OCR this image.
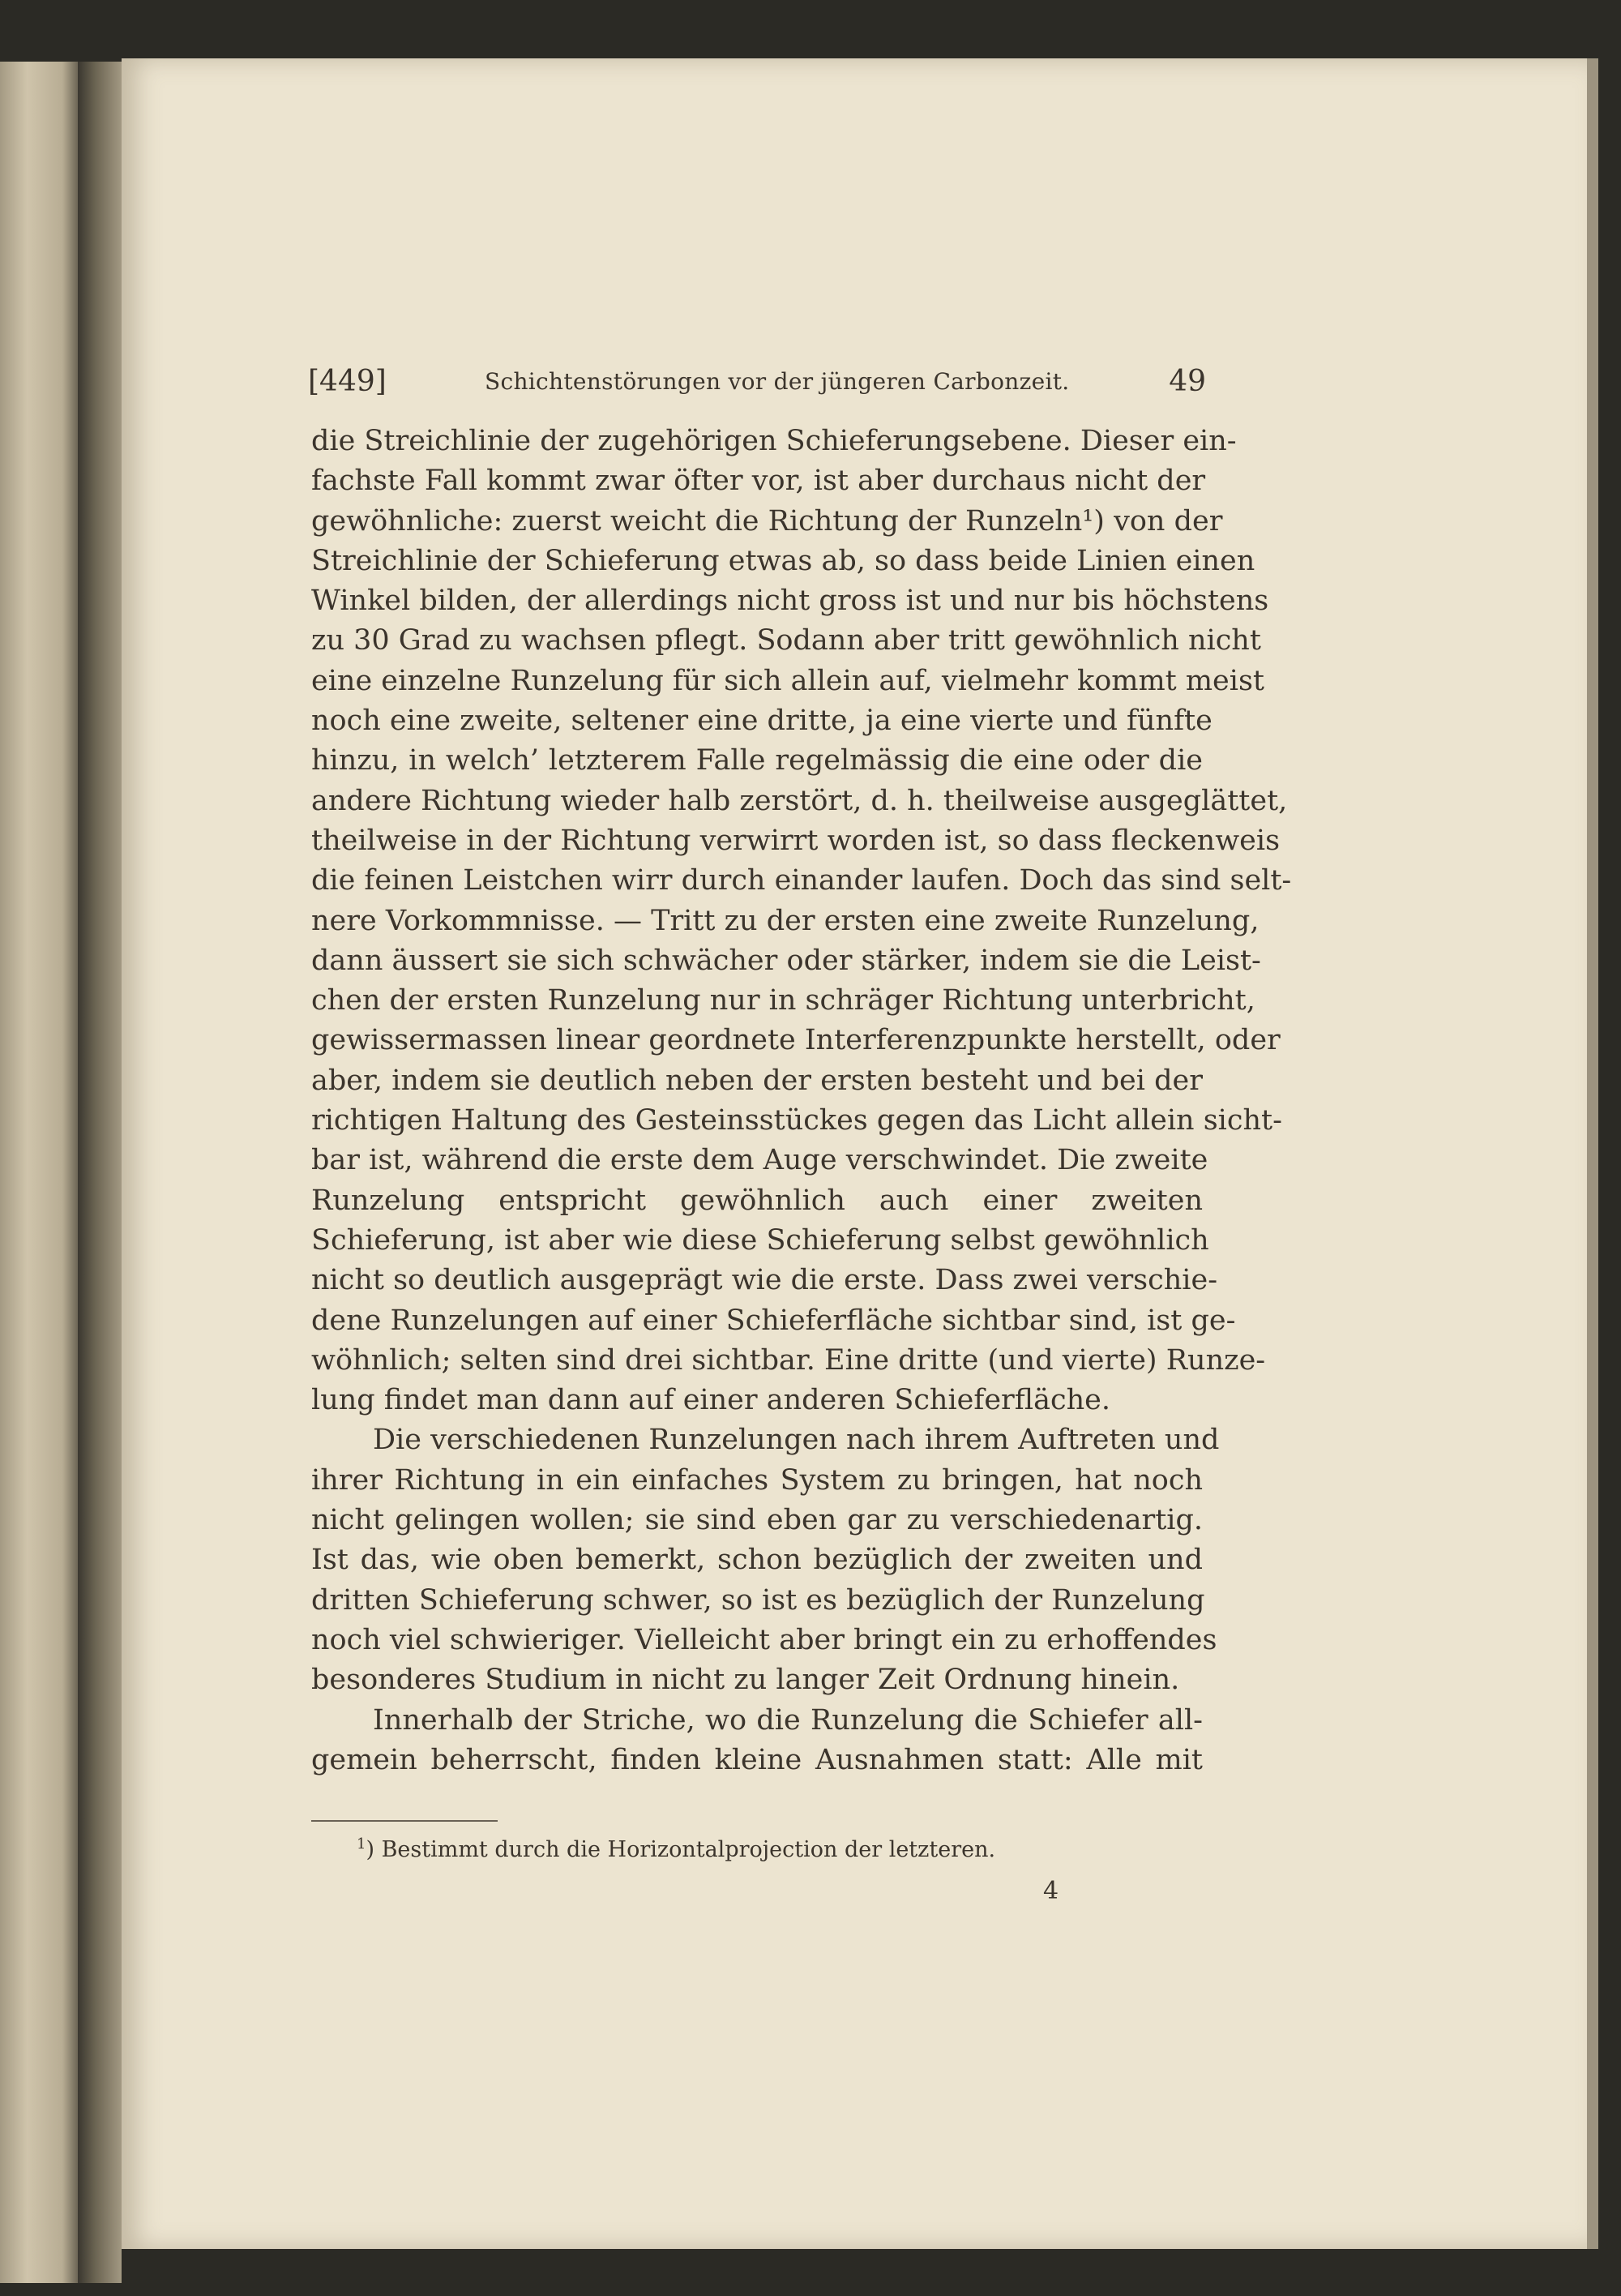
[449]	Schichtenstörungen vor der jüngeren Carbonzeit.	49
die Streichlinie der zugehörigen Schieferungsebene. Dieser ein-
fachste Fall kommt zwar öfter vor, ist aber durchaus nicht der
gewöhnliche: zuerst weicht die Richtung der Runzeln¹) von der
Streichlinie der Schieferung etwas ab, so dass beide Linien einen
Winkel bilden, der allerdings nicht gross ist und nur bis höchstens
zu 30 Grad zu wachsen pflegt. Sodann aber tritt gewöhnlich nicht
eine einzelne Runzelung für sich allein auf, vielmehr kommt meist
noch eine zweite, seltener eine dritte, ja eine vierte und fünfte
hinzu, in welch’ letzterem Falle regelmässig die eine oder die
andere Richtung wieder halb zerstört, d. h. theilweise ausgeglättet,
theilweise in der Richtung verwirrt worden ist, so dass fleckenweis
die feinen Leistchen wirr durch einander laufen. Doch das sind selt-
nere Vorkommnisse. — Tritt zu der ersten eine zweite Runzelung,
dann äussert sie sich schwächer oder stärker, indem sie die Leist-
chen der ersten Runzelung nur in schräger Richtung unterbricht,
gewissermassen linear geordnete Interferenzpunkte herstellt, oder
aber, indem sie deutlich neben der ersten besteht und bei der
richtigen Haltung des Gesteinsstückes gegen das Licht allein sicht-
bar ist, während die erste dem Auge verschwindet. Die zweite
Runzelung entspricht gewöhnlich auch einer zweiten
Schieferung, ist aber wie diese Schieferung selbst gewöhnlich
nicht so deutlich ausgeprägt wie die erste. Dass zwei verschie-
dene Runzelungen auf einer Schieferfläche sichtbar sind, ist ge-
wöhnlich; selten sind drei sichtbar. Eine dritte (und vierte) Runze-
lung findet man dann auf einer anderen Schieferfläche.
Die verschiedenen Runzelungen nach ihrem Auftreten und
ihrer Richtung in ein einfaches System zu bringen, hat noch
nicht gelingen wollen; sie sind eben gar zu verschiedenartig.
Ist das, wie oben bemerkt, schon bezüglich der zweiten und
dritten Schieferung schwer, so ist es bezüglich der Runzelung
noch viel schwieriger. Vielleicht aber bringt ein zu erhoffendes
besonderes Studium in nicht zu langer Zeit Ordnung hinein.
Innerhalb der Striche, wo die Runzelung die Schiefer all-
gemein beherrscht, finden kleine Ausnahmen statt: Alle mit
$^1$) Bestimmt durch die Horizontalprojection der letzteren.
4
